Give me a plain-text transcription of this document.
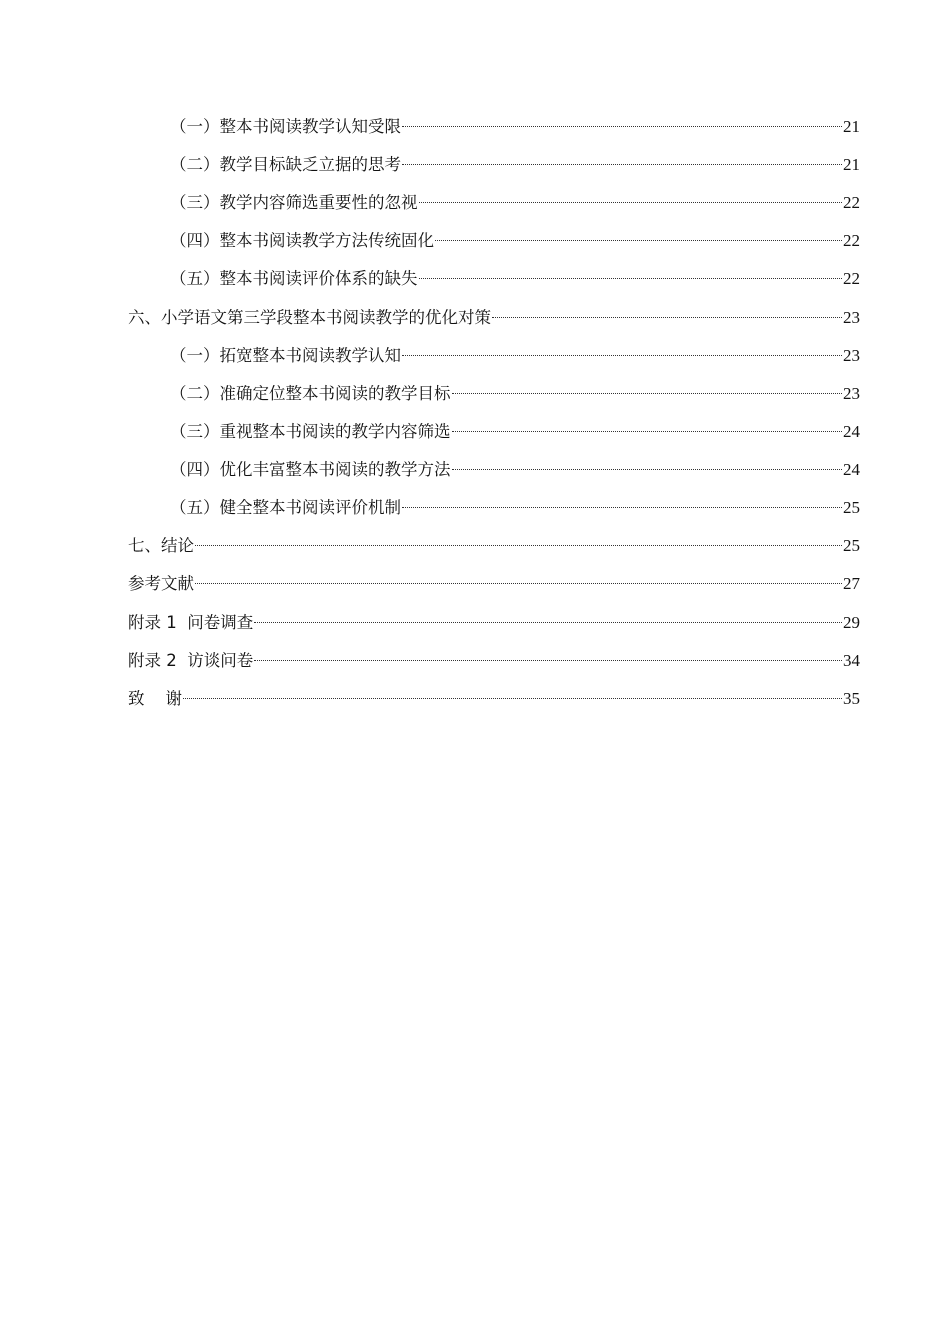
（一）整本书阅读教学认知受限	21
（二）教学目标缺乏立据的思考	21
（三）教学内容筛选重要性的忽视	22
（四）整本书阅读教学方法传统固化	22
（五）整本书阅读评价体系的缺失	22
六、小学语文第三学段整本书阅读教学的优化对策	23
（一）拓宽整本书阅读教学认知	23
（二）准确定位整本书阅读的教学目标	23
（三）重视整本书阅读的教学内容筛选	24
（四）优化丰富整本书阅读的教学方法	24
（五）健全整本书阅读评价机制	25
七、结论	25
参考文献	27
附录 1  问卷调查	29
附录 2  访谈问卷	34
致    谢	35
